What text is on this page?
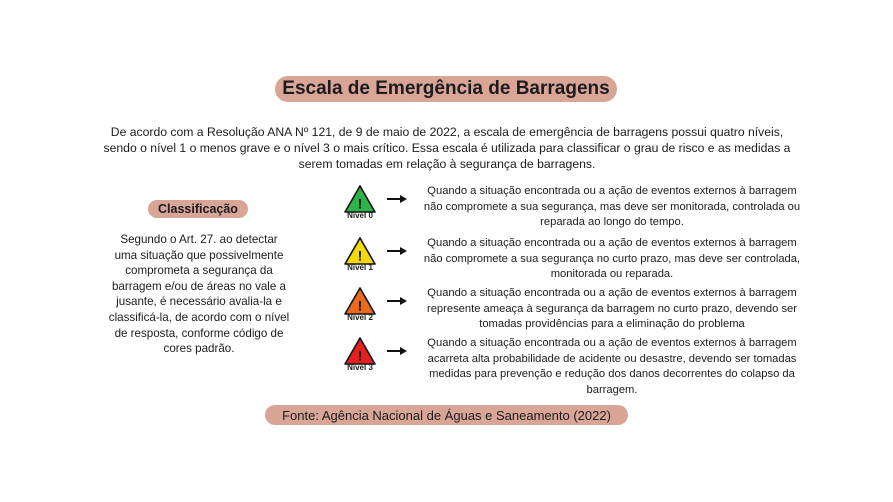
Escala de Emergência de Barragens
De acordo com a Resolução ANA Nº 121, de 9 de maio de 2022, a escala de emergência de barragens possui quatro níveis, sendo o nível 1 o menos grave e o nível 3 o mais crítico. Essa escala é utilizada para classificar o grau de risco e as medidas a serem tomadas em relação à segurança de barragens.
Classificação
Segundo o Art. 27. ao detectar uma situação que possivelmente comprometa a segurança da barragem e/ou de áreas no vale a jusante, é necessário avalia-la e classificá-la, de acordo com o nível de resposta, conforme código de cores padrão.
!
Nível 0
Quando a situação encontrada ou a ação de eventos externos à barragem não compromete a sua segurança, mas deve ser monitorada, controlada ou reparada ao longo do tempo.
!
Nível 1
Quando a situação encontrada ou a ação de eventos externos à barragem não compromete a sua segurança no curto prazo, mas deve ser controlada, monitorada ou reparada.
!
Nível 2
Quando a situação encontrada ou a ação de eventos externos à barragem represente ameaça à segurança da barragem no curto prazo, devendo ser tomadas providências para a eliminação do problema
!
Nível 3
Quando a situação encontrada ou a ação de eventos externos à barragem acarreta alta probabilidade de acidente ou desastre, devendo ser tomadas medidas para prevenção e redução dos danos decorrentes do colapso da barragem.
Fonte: Agência Nacional de Águas e Saneamento (2022)
